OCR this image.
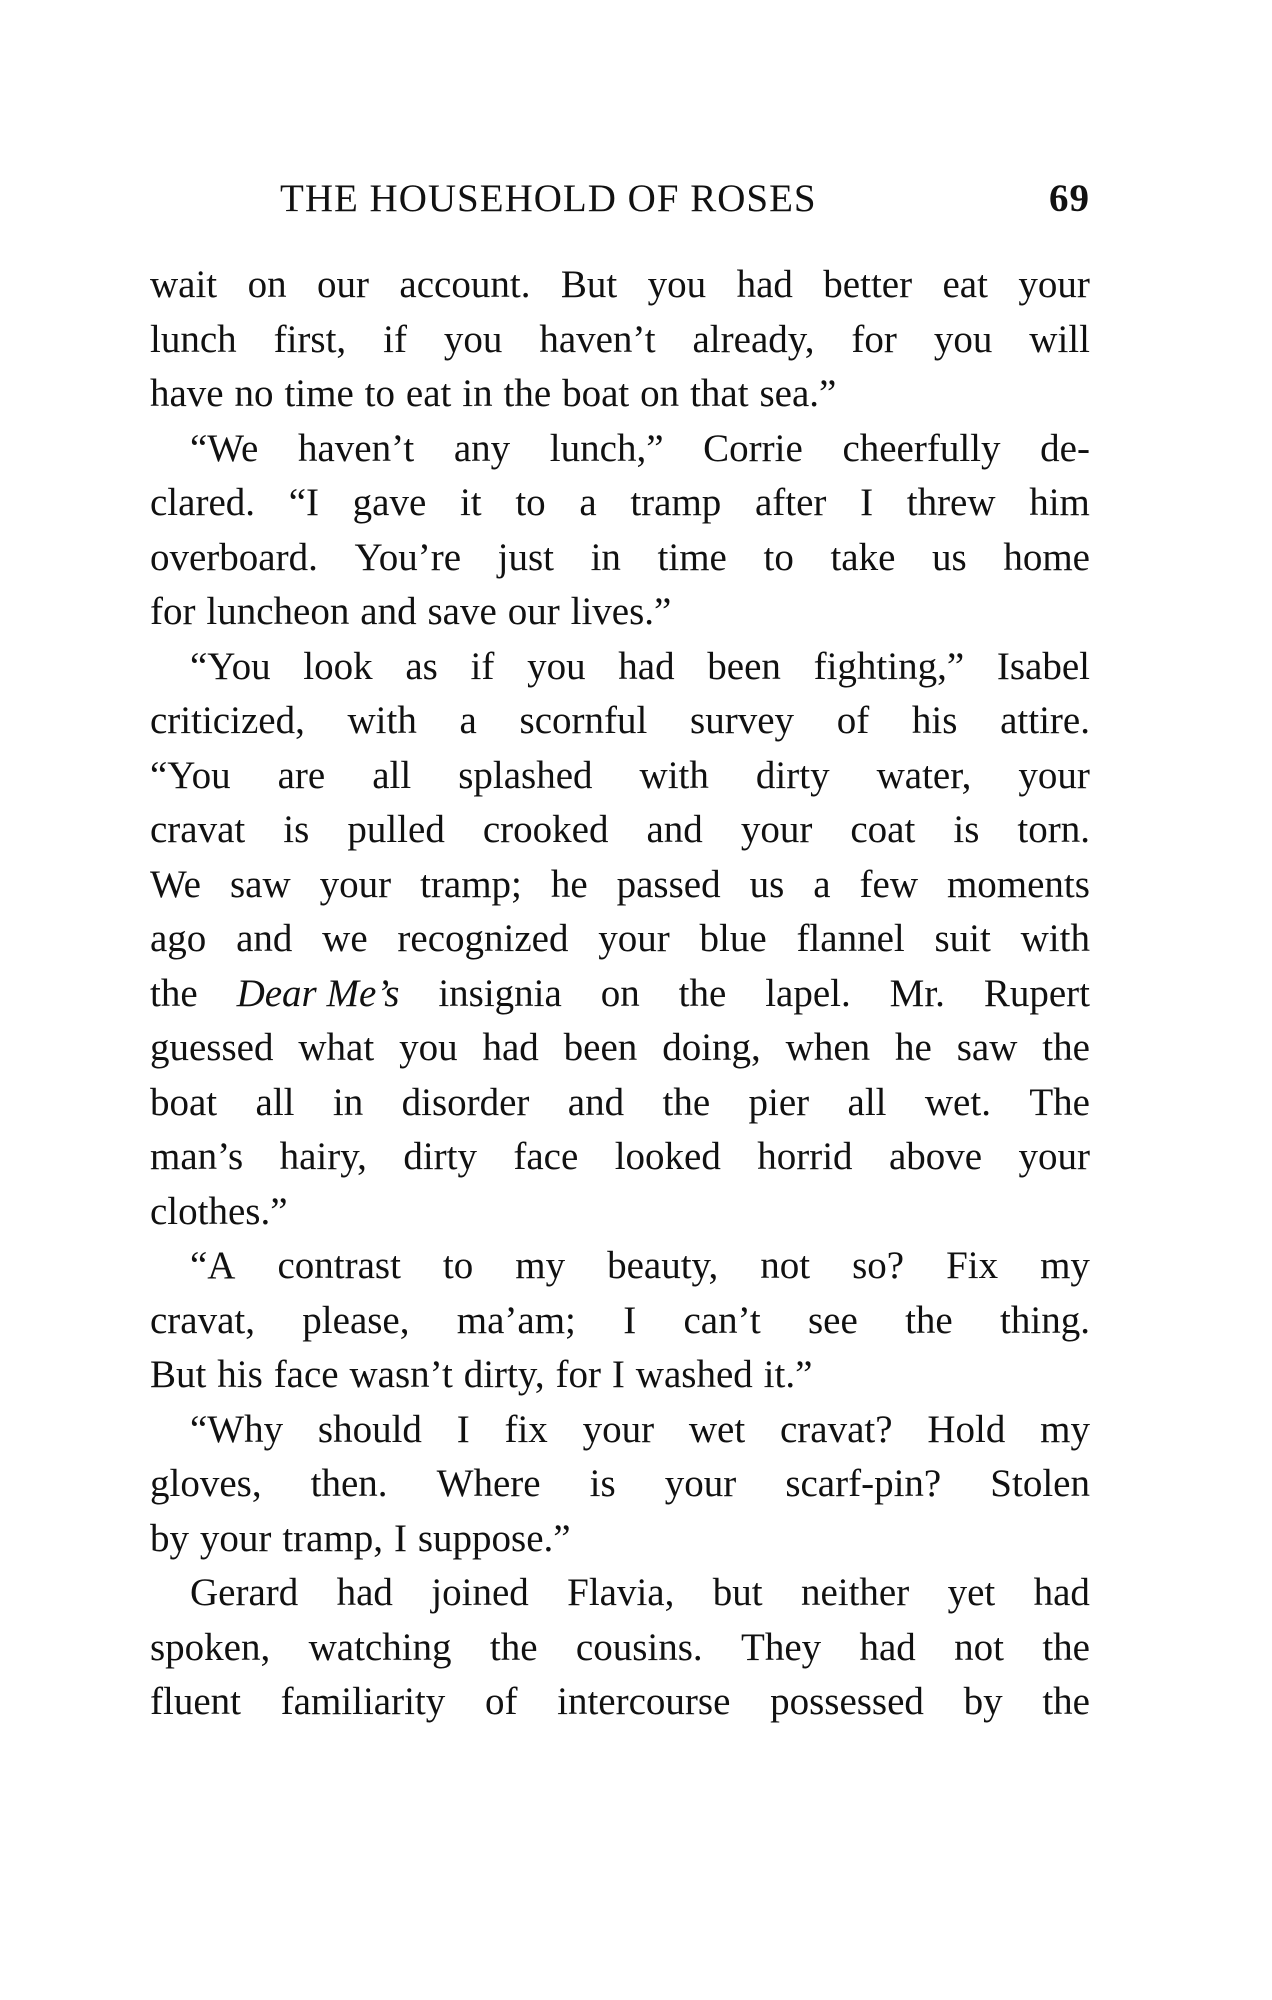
THE HOUSEHOLD OF ROSES	69
wait on our account. But you had better eat your
lunch first, if you haven’t already, for you will
have no time to eat in the boat on that sea.”
“We haven’t any lunch,” Corrie cheerfully de-
clared. “I gave it to a tramp after I threw him
overboard. You’re just in time to take us home
for luncheon and save our lives.”
“You look as if you had been fighting,” Isabel
criticized, with a scornful survey of his attire.
“You are all splashed with dirty water, your
cravat is pulled crooked and your coat is torn.
We saw your tramp; he passed us a few moments
ago and we recognized your blue flannel suit with
the Dear Me’s insignia on the lapel. Mr. Rupert
guessed what you had been doing, when he saw the
boat all in disorder and the pier all wet. The
man’s hairy, dirty face looked horrid above your
clothes.”
“A contrast to my beauty, not so? Fix my
cravat, please, ma’am; I can’t see the thing.
But his face wasn’t dirty, for I washed it.”
“Why should I fix your wet cravat? Hold my
gloves, then. Where is your scarf-pin? Stolen
by your tramp, I suppose.”
Gerard had joined Flavia, but neither yet had
spoken, watching the cousins. They had not the
fluent familiarity of intercourse possessed by the
